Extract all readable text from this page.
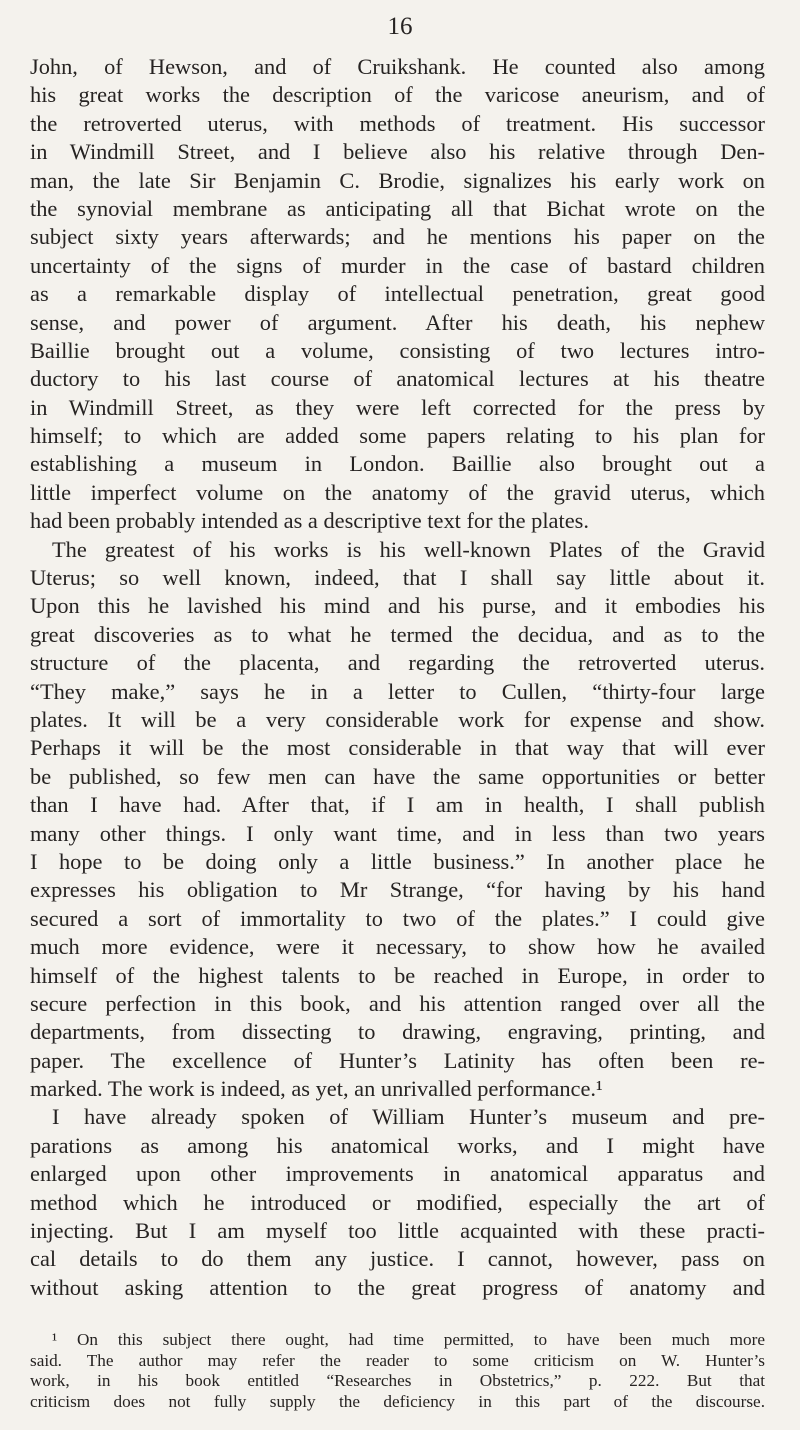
16
John, of Hewson, and of Cruikshank. He counted also among
his great works the description of the varicose aneurism, and of
the retroverted uterus, with methods of treatment. His successor
in Windmill Street, and I believe also his relative through Den-
man, the late Sir Benjamin C. Brodie, signalizes his early work on
the synovial membrane as anticipating all that Bichat wrote on the
subject sixty years afterwards; and he mentions his paper on the
uncertainty of the signs of murder in the case of bastard children
as a remarkable display of intellectual penetration, great good
sense, and power of argument. After his death, his nephew
Baillie brought out a volume, consisting of two lectures intro-
ductory to his last course of anatomical lectures at his theatre
in Windmill Street, as they were left corrected for the press by
himself; to which are added some papers relating to his plan for
establishing a museum in London. Baillie also brought out a
little imperfect volume on the anatomy of the gravid uterus, which
had been probably intended as a descriptive text for the plates.
The greatest of his works is his well-known Plates of the Gravid
Uterus; so well known, indeed, that I shall say little about it.
Upon this he lavished his mind and his purse, and it embodies his
great discoveries as to what he termed the decidua, and as to the
structure of the placenta, and regarding the retroverted uterus.
“They make,” says he in a letter to Cullen, “thirty-four large
plates. It will be a very considerable work for expense and show.
Perhaps it will be the most considerable in that way that will ever
be published, so few men can have the same opportunities or better
than I have had. After that, if I am in health, I shall publish
many other things. I only want time, and in less than two years
I hope to be doing only a little business.” In another place he
expresses his obligation to Mr Strange, “for having by his hand
secured a sort of immortality to two of the plates.” I could give
much more evidence, were it necessary, to show how he availed
himself of the highest talents to be reached in Europe, in order to
secure perfection in this book, and his attention ranged over all the
departments, from dissecting to drawing, engraving, printing, and
paper. The excellence of Hunter’s Latinity has often been re-
marked. The work is indeed, as yet, an unrivalled performance.¹
I have already spoken of William Hunter’s museum and pre-
parations as among his anatomical works, and I might have
enlarged upon other improvements in anatomical apparatus and
method which he introduced or modified, especially the art of
injecting. But I am myself too little acquainted with these practi-
cal details to do them any justice. I cannot, however, pass on
without asking attention to the great progress of anatomy and
¹ On this subject there ought, had time permitted, to have been much more
said. The author may refer the reader to some criticism on W. Hunter’s
work, in his book entitled “Researches in Obstetrics,” p. 222. But that
criticism does not fully supply the deficiency in this part of the discourse.
